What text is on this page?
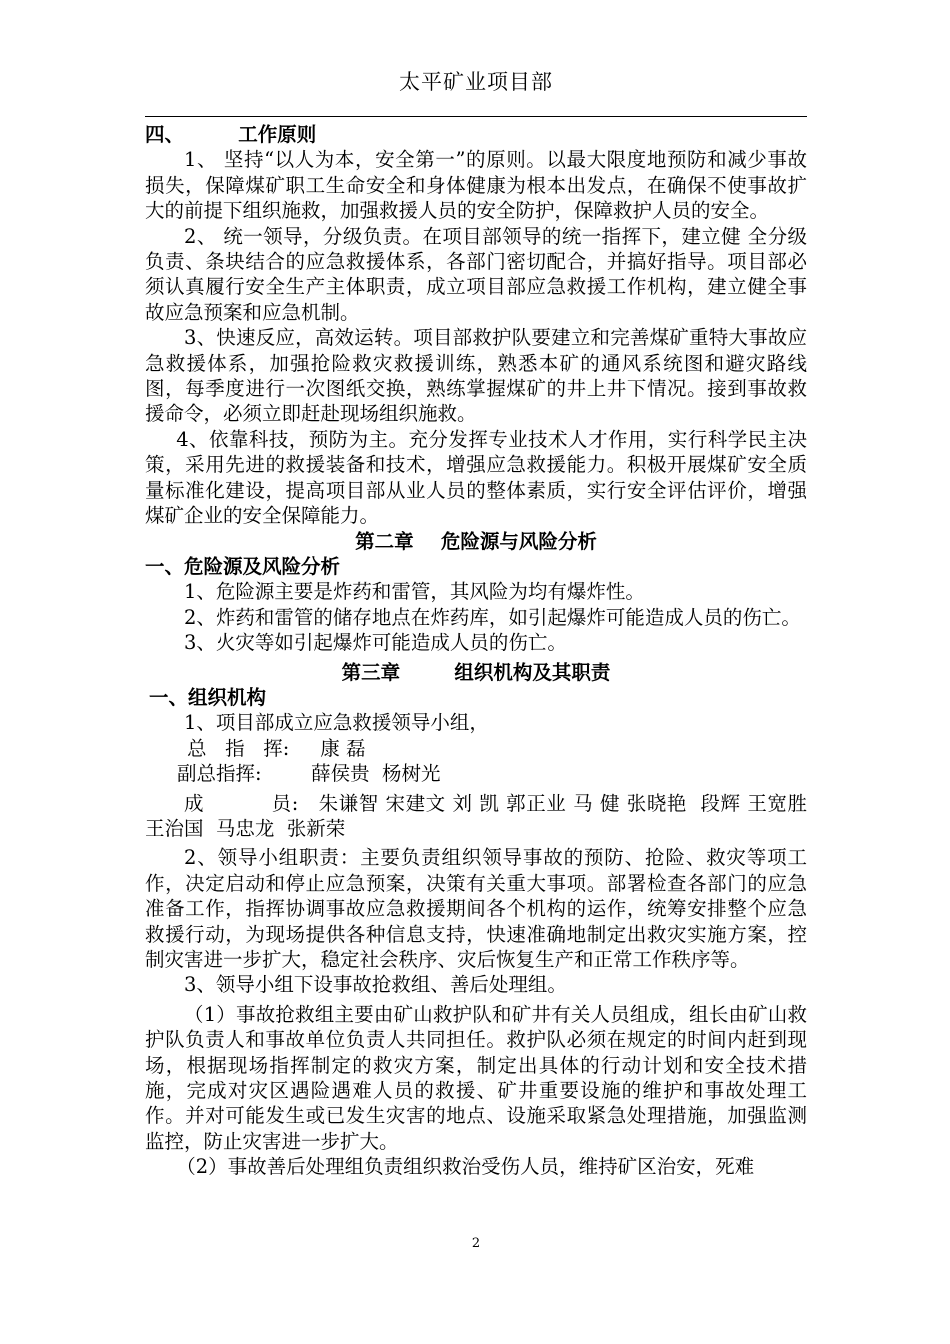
太平矿业项目部

四、        工作原则

1、 坚持“以人为本，安全第一”的原则。以最大限度地预防和减少事故损失，保障煤矿职工生命安全和身体健康为根本出发点，在确保不使事故扩大的前提下组织施救，加强救援人员的安全防护，保障救护人员的安全。

2、 统一领导，分级负责。在项目部领导的统一指挥下，建立健 全分级负责、条块结合的应急救援体系，各部门密切配合，并搞好指导。项目部必须认真履行安全生产主体职责，成立项目部应急救援工作机构，建立健全事故应急预案和应急机制。

3、快速反应，高效运转。项目部救护队要建立和完善煤矿重特大事故应急救援体系，加强抢险救灾救援训练，熟悉本矿的通风系统图和避灾路线图，每季度进行一次图纸交换，熟练掌握煤矿的井上井下情况。接到事故救援命令，必须立即赶赴现场组织施救。

4、依靠科技，预防为主。充分发挥专业技术人才作用，实行科学民主决策，采用先进的救援装备和技术，增强应急救援能力。积极开展煤矿安全质量标准化建设，提高项目部从业人员的整体素质，实行安全评估评价，增强煤矿企业的安全保障能力。

第二章    危险源与风险分析

一、危险源及风险分析

1、危险源主要是炸药和雷管，其风险为均有爆炸性。

2、炸药和雷管的储存地点在炸药库，如引起爆炸可能造成人员的伤亡。

3、火灾等如引起爆炸可能造成人员的伤亡。

第三章        组织机构及其职责

一、组织机构

1、项目部成立应急救援领导小组，

总   指   挥:     康 磊

副总指挥:        薛侯贵  杨树光

成          员:   朱谦智 宋建文 刘 凯 郭正业 马 健 张晓艳  段辉 王宽胜 王治国  马忠龙  张新荣

2、领导小组职责：主要负责组织领导事故的预防、抢险、救灾等项工作，决定启动和停止应急预案，决策有关重大事项。部署检查各部门的应急准备工作，指挥协调事故应急救援期间各个机构的运作，统筹安排整个应急救援行动，为现场提供各种信息支持，快速准确地制定出救灾实施方案，控制灾害进一步扩大，稳定社会秩序、灾后恢复生产和正常工作秩序等。

3、领导小组下设事故抢救组、善后处理组。

（1）事故抢救组主要由矿山救护队和矿井有关人员组成，组长由矿山救护队负责人和事故单位负责人共同担任。救护队必须在规定的时间内赶到现场，根据现场指挥制定的救灾方案，制定出具体的行动计划和安全技术措施，完成对灾区遇险遇难人员的救援、矿井重要设施的维护和事故处理工作。并对可能发生或已发生灾害的地点、设施采取紧急处理措施，加强监测监控，防止灾害进一步扩大。

（2）事故善后处理组负责组织救治受伤人员，维持矿区治安，死难

2
